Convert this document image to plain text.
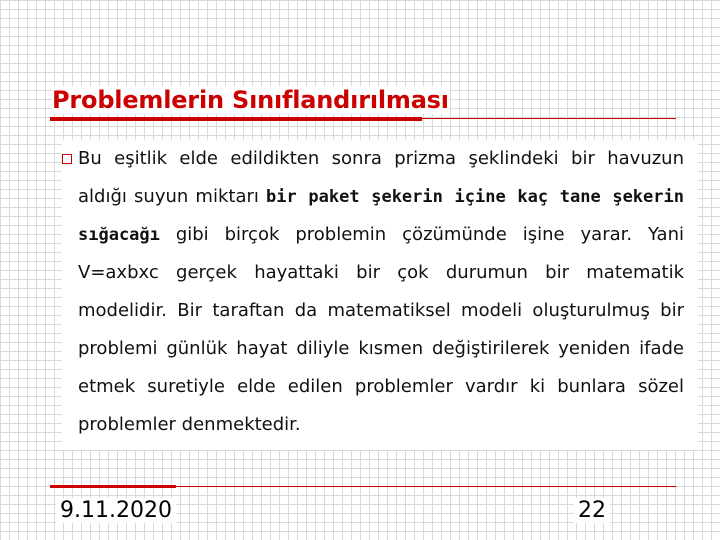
Problemlerin Sınıflandırılması

Bu eşitlik elde edildikten sonra prizma şeklindeki bir havuzun aldığı suyun miktarı bir paket şekerin içine kaç tane şekerin sığacağı gibi birçok problemin çözümünde işine yarar. Yani V=axbxc gerçek hayattaki bir çok durumun bir matematik modelidir. Bir taraftan da matematiksel modeli oluşturulmuş bir problemi günlük hayat diliyle kısmen değiştirilerek yeniden ifade etmek suretiyle elde edilen problemler vardır ki bunlara sözel problemler denmektedir.

9.11.2020	22
